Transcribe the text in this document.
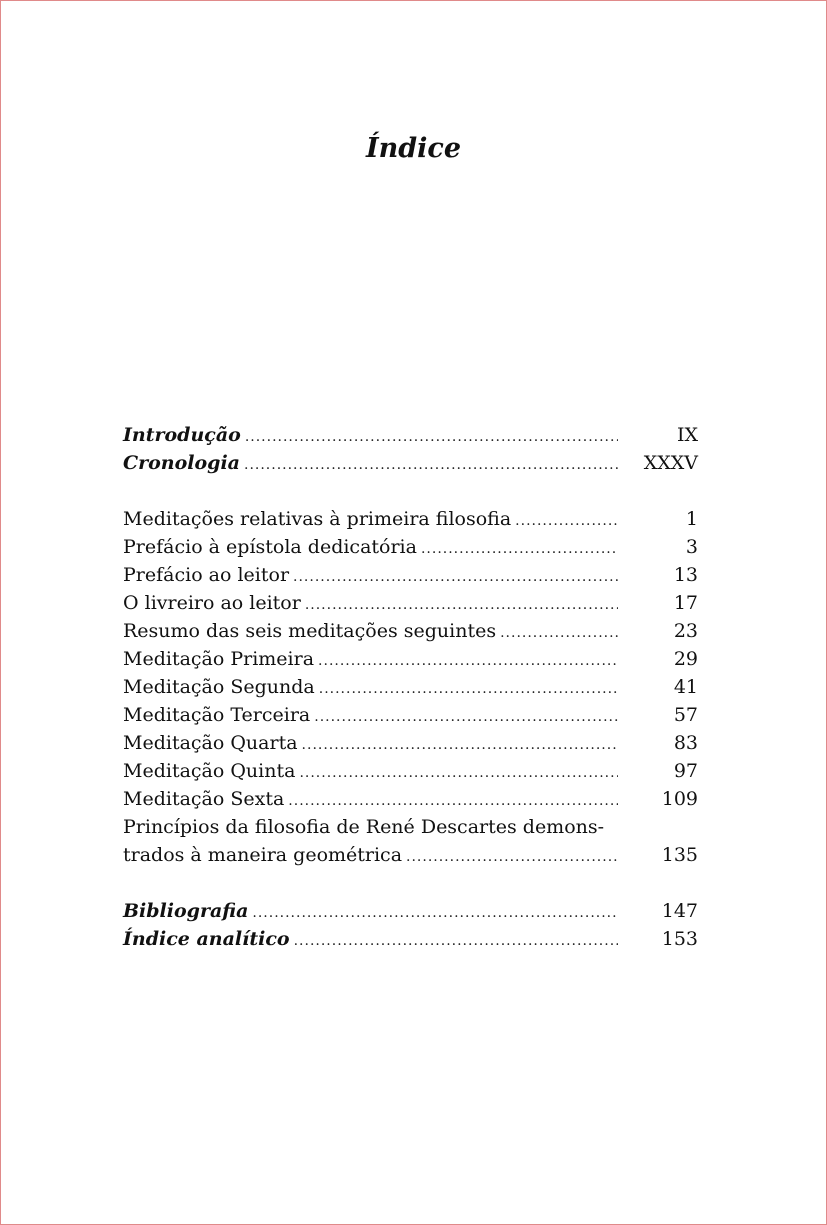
Índice
Introdução .....	IX
Cronologia .....	XXXV
Meditações relativas à primeira filosofia .....	1
Prefácio à epístola dedicatória .....	3
Prefácio ao leitor .....	13
O livreiro ao leitor .....	17
Resumo das seis meditações seguintes .....	23
Meditação Primeira .....	29
Meditação Segunda .....	41
Meditação Terceira .....	57
Meditação Quarta .....	83
Meditação Quinta .....	97
Meditação Sexta .....	109
Princípios da filosofia de René Descartes demons-
trados à maneira geométrica .....	135
Bibliografia .....	147
Índice analítico .....	153
